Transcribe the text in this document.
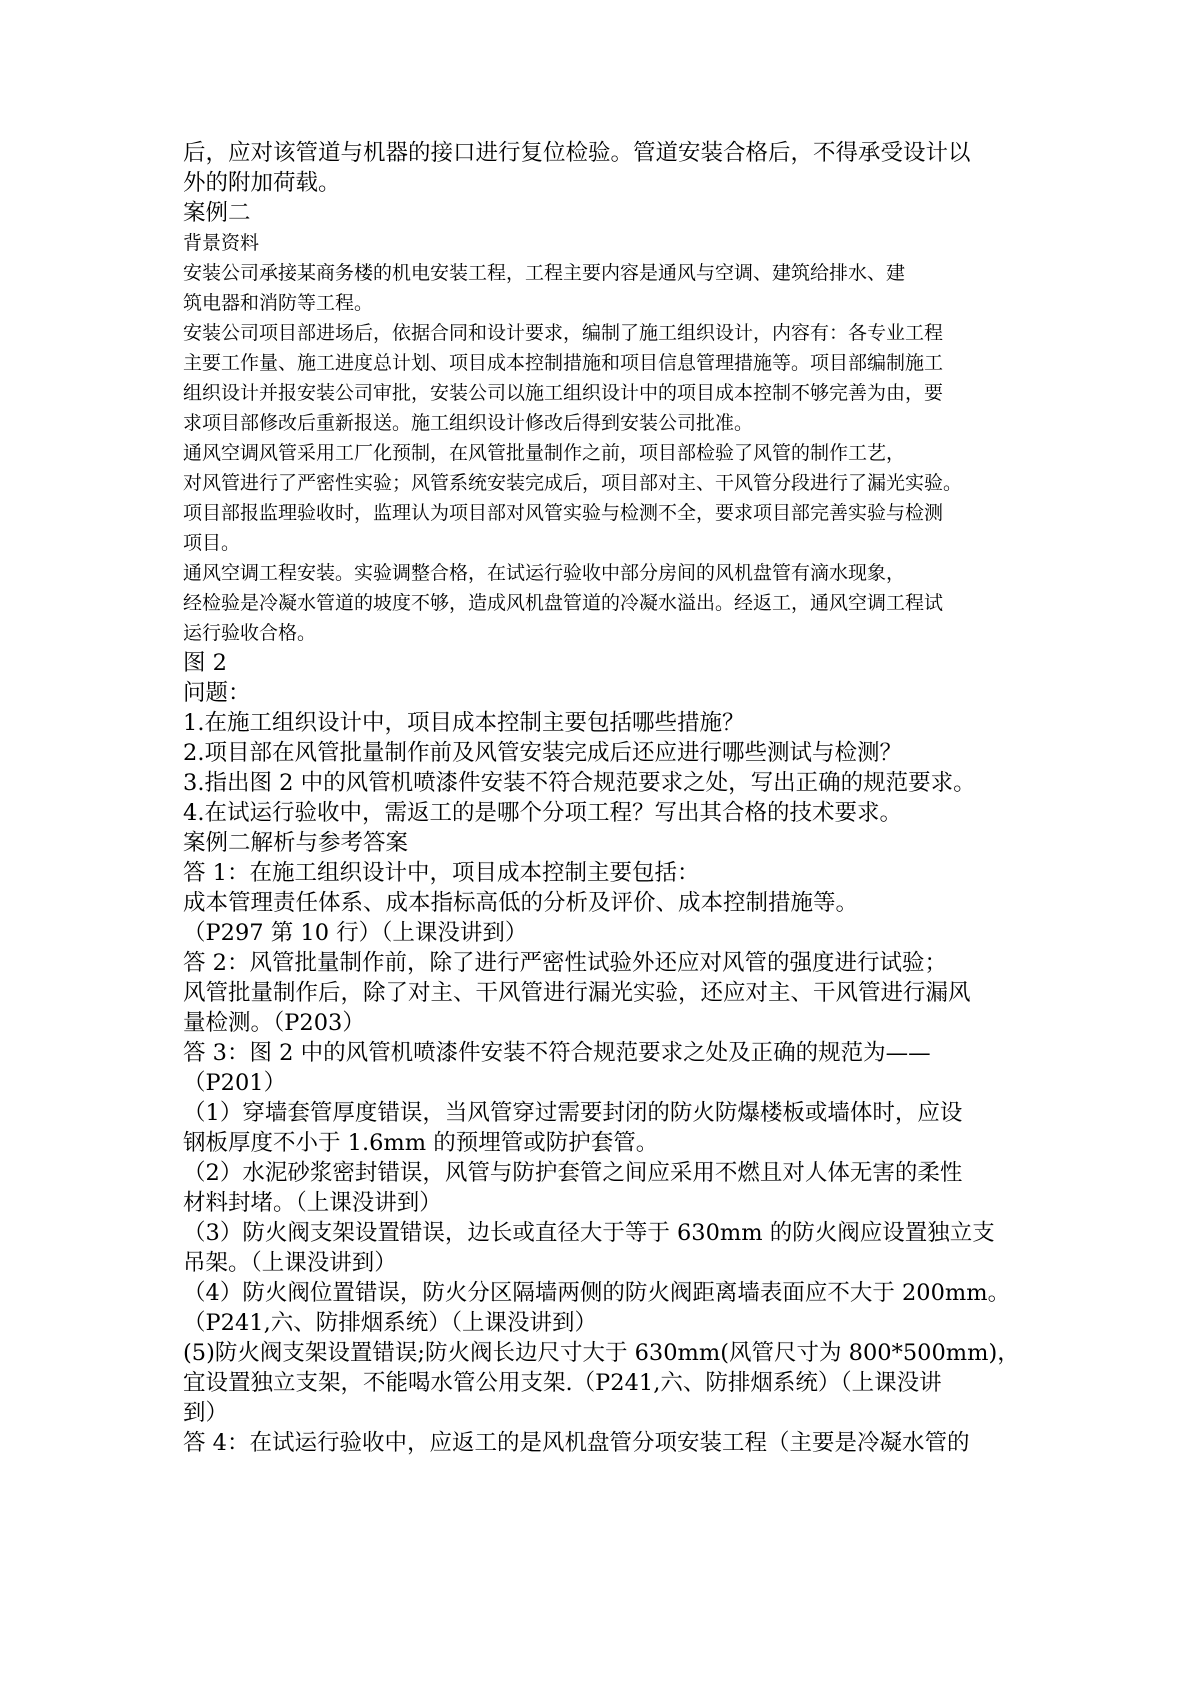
后，应对该管道与机器的接口进行复位检验。管道安装合格后，不得承受设计以
外的附加荷载。
案例二
背景资料
安装公司承接某商务楼的机电安装工程，工程主要内容是通风与空调、建筑给排水、建
筑电器和消防等工程。
安装公司项目部进场后，依据合同和设计要求，编制了施工组织设计，内容有：各专业工程
主要工作量、施工进度总计划、项目成本控制措施和项目信息管理措施等。项目部编制施工
组织设计并报安装公司审批，安装公司以施工组织设计中的项目成本控制不够完善为由，要
求项目部修改后重新报送。施工组织设计修改后得到安装公司批准。
通风空调风管采用工厂化预制，在风管批量制作之前，项目部检验了风管的制作工艺，
对风管进行了严密性实验；风管系统安装完成后，项目部对主、干风管分段进行了漏光实验。
项目部报监理验收时，监理认为项目部对风管实验与检测不全，要求项目部完善实验与检测
项目。
通风空调工程安装。实验调整合格，在试运行验收中部分房间的风机盘管有滴水现象，
经检验是冷凝水管道的坡度不够，造成风机盘管道的冷凝水溢出。经返工，通风空调工程试
运行验收合格。
图 2
问题：
1.在施工组织设计中，项目成本控制主要包括哪些措施？
2.项目部在风管批量制作前及风管安装完成后还应进行哪些测试与检测？
3.指出图 2 中的风管机喷漆件安装不符合规范要求之处，写出正确的规范要求。
4.在试运行验收中，需返工的是哪个分项工程？写出其合格的技术要求。
案例二解析与参考答案
答 1：在施工组织设计中，项目成本控制主要包括：
成本管理责任体系、成本指标高低的分析及评价、成本控制措施等。
（P297 第 10 行）（上课没讲到）
答 2：风管批量制作前，除了进行严密性试验外还应对风管的强度进行试验；
风管批量制作后，除了对主、干风管进行漏光实验，还应对主、干风管进行漏风
量检测。（P203）
答 3：图 2 中的风管机喷漆件安装不符合规范要求之处及正确的规范为——
（P201）
（1）穿墙套管厚度错误，当风管穿过需要封闭的防火防爆楼板或墙体时，应设
钢板厚度不小于 1.6mm 的预埋管或防护套管。
（2）水泥砂浆密封错误，风管与防护套管之间应采用不燃且对人体无害的柔性
材料封堵。（上课没讲到）
（3）防火阀支架设置错误，边长或直径大于等于 630mm 的防火阀应设置独立支
吊架。（上课没讲到）
（4）防火阀位置错误，防火分区隔墙两侧的防火阀距离墙表面应不大于 200mm。
（P241,六、防排烟系统）（上课没讲到）
(5)防火阀支架设置错误;防火阀长边尺寸大于 630mm(风管尺寸为 800*500mm)，
宜设置独立支架，不能喝水管公用支架.（P241,六、防排烟系统）（上课没讲
到）
答 4：在试运行验收中，应返工的是风机盘管分项安装工程（主要是冷凝水管的
